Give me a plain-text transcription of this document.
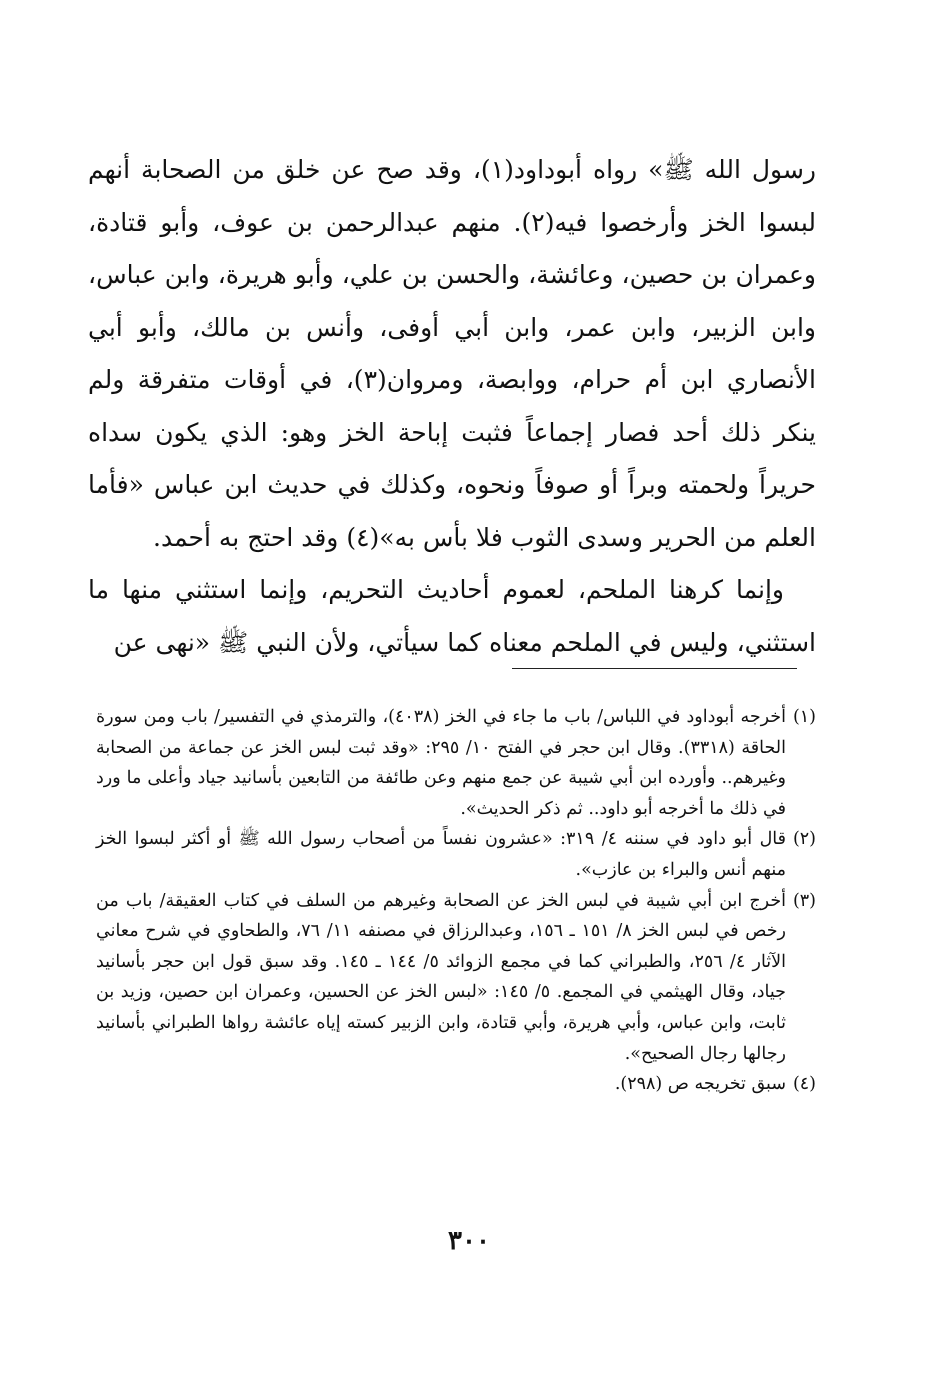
رسول الله ﷺ» رواه أبوداود(١)، وقد صح عن خلق من الصحابة أنهم لبسوا الخز وأرخصوا فيه(٢). منهم عبدالرحمن بن عوف، وأبو قتادة، وعمران بن حصين، وعائشة، والحسن بن علي، وأبو هريرة، وابن عباس، وابن الزبير، وابن عمر، وابن أبي أوفى، وأنس بن مالك، وأبو أبي الأنصاري ابن أم حرام، ووابصة، ومروان(٣)، في أوقات متفرقة ولم ينكر ذلك أحد فصار إجماعاً فثبت إباحة الخز وهو: الذي يكون سداه حريراً ولحمته وبراً أو صوفاً ونحوه، وكذلك في حديث ابن عباس «فأما العلم من الحرير وسدى الثوب فلا بأس به»(٤) وقد احتج به أحمد.

وإنما كرهنا الملحم، لعموم أحاديث التحريم، وإنما استثني منها ما استثني، وليس في الملحم معناه كما سيأتي، ولأن النبي ﷺ «نهى عن

(١)
أخرجه أبوداود في اللباس/ باب ما جاء في الخز (٤٠٣٨)، والترمذي في التفسير/ باب ومن سورة الحاقة (٣٣١٨). وقال ابن حجر في الفتح ١٠/ ٢٩٥: «وقد ثبت لبس الخز عن جماعة من الصحابة وغيرهم.. وأورده ابن أبي شيبة عن جمع منهم وعن طائفة من التابعين بأسانيد جياد وأعلى ما ورد في ذلك ما أخرجه أبو داود.. ثم ذكر الحديث».

(٢)
قال أبو داود في سننه ٤/ ٣١٩: «عشرون نفساً من أصحاب رسول الله ﷺ أو أكثر لبسوا الخز منهم أنس والبراء بن عازب».

(٣)
أخرج ابن أبي شيبة في لبس الخز عن الصحابة وغيرهم من السلف في كتاب العقيقة/ باب من رخص في لبس الخز ٨/ ١٥١ ـ ١٥٦، وعبدالرزاق في مصنفه ١١/ ٧٦، والطحاوي في شرح معاني الآثار ٤/ ٢٥٦، والطبراني كما في مجمع الزوائد ٥/ ١٤٤ ـ ١٤٥. وقد سبق قول ابن حجر بأسانيد جياد، وقال الهيثمي في المجمع. ٥/ ١٤٥: «لبس الخز عن الحسين، وعمران ابن حصين، وزيد بن ثابت، وابن عباس، وأبي هريرة، وأبي قتادة، وابن الزبير كسته إياه عائشة رواها الطبراني بأسانيد رجالها رجال الصحيح».

(٤)
سبق تخريجه ص (٢٩٨).

٣٠٠
